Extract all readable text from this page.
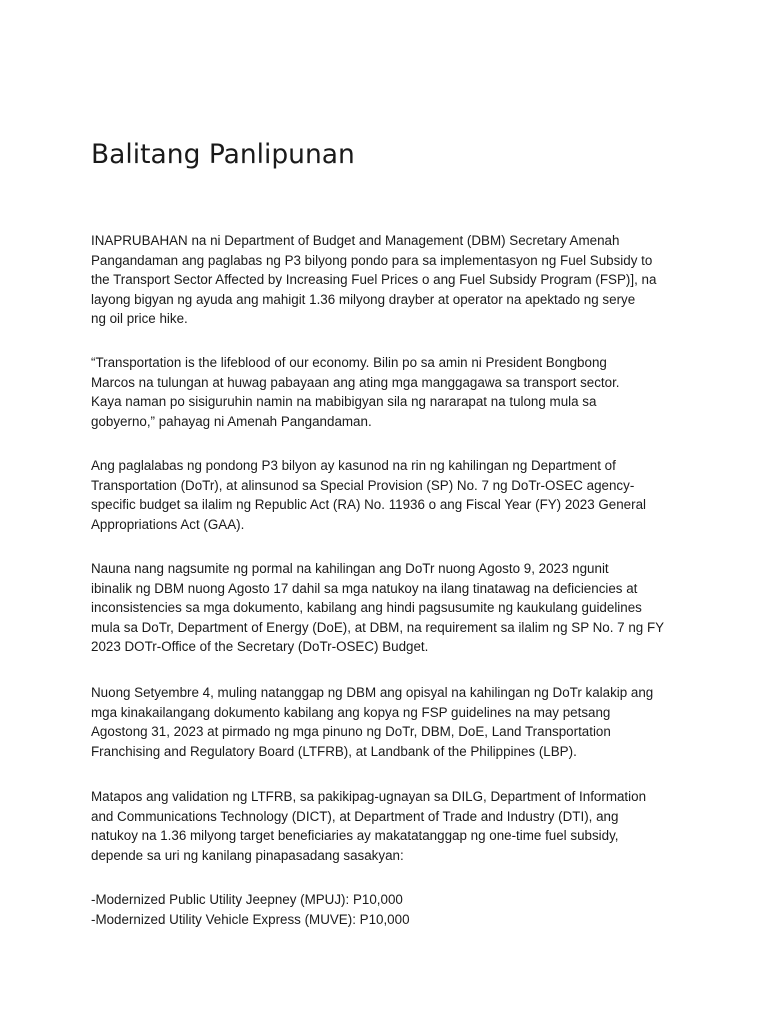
Balitang Panlipunan

INAPRUBAHAN na ni Department of Budget and Management (DBM) Secretary Amenah
Pangandaman ang paglabas ng P3 bilyong pondo para sa implementasyon ng Fuel Subsidy to
the Transport Sector Affected by Increasing Fuel Prices o ang Fuel Subsidy Program (FSP)], na
layong bigyan ng ayuda ang mahigit 1.36 milyong drayber at operator na apektado ng serye
ng oil price hike.

“Transportation is the lifeblood of our economy. Bilin po sa amin ni President Bongbong
Marcos na tulungan at huwag pabayaan ang ating mga manggagawa sa transport sector.
Kaya naman po sisiguruhin namin na mabibigyan sila ng nararapat na tulong mula sa
gobyerno,” pahayag ni Amenah Pangandaman.

Ang paglalabas ng pondong P3 bilyon ay kasunod na rin ng kahilingan ng Department of
Transportation (DoTr), at alinsunod sa Special Provision (SP) No. 7 ng DoTr-OSEC agency-
specific budget sa ilalim ng Republic Act (RA) No. 11936 o ang Fiscal Year (FY) 2023 General
Appropriations Act (GAA).

Nauna nang nagsumite ng pormal na kahilingan ang DoTr nuong Agosto 9, 2023 ngunit
ibinalik ng DBM nuong Agosto 17 dahil sa mga natukoy na ilang tinatawag na deficiencies at
inconsistencies sa mga dokumento, kabilang ang hindi pagsusumite ng kaukulang guidelines
mula sa DoTr, Department of Energy (DoE), at DBM, na requirement sa ilalim ng SP No. 7 ng FY
2023 DOTr-Office of the Secretary (DoTr-OSEC) Budget.

Nuong Setyembre 4, muling natanggap ng DBM ang opisyal na kahilingan ng DoTr kalakip ang
mga kinakailangang dokumento kabilang ang kopya ng FSP guidelines na may petsang
Agostong 31, 2023 at pirmado ng mga pinuno ng DoTr, DBM, DoE, Land Transportation
Franchising and Regulatory Board (LTFRB), at Landbank of the Philippines (LBP).

Matapos ang validation ng LTFRB, sa pakikipag-ugnayan sa DILG, Department of Information
and Communications Technology (DICT), at Department of Trade and Industry (DTI), ang
natukoy na 1.36 milyong target beneficiaries ay makatatanggap ng one-time fuel subsidy,
depende sa uri ng kanilang pinapasadang sasakyan:

-Modernized Public Utility Jeepney (MPUJ): P10,000
-Modernized Utility Vehicle Express (MUVE): P10,000
